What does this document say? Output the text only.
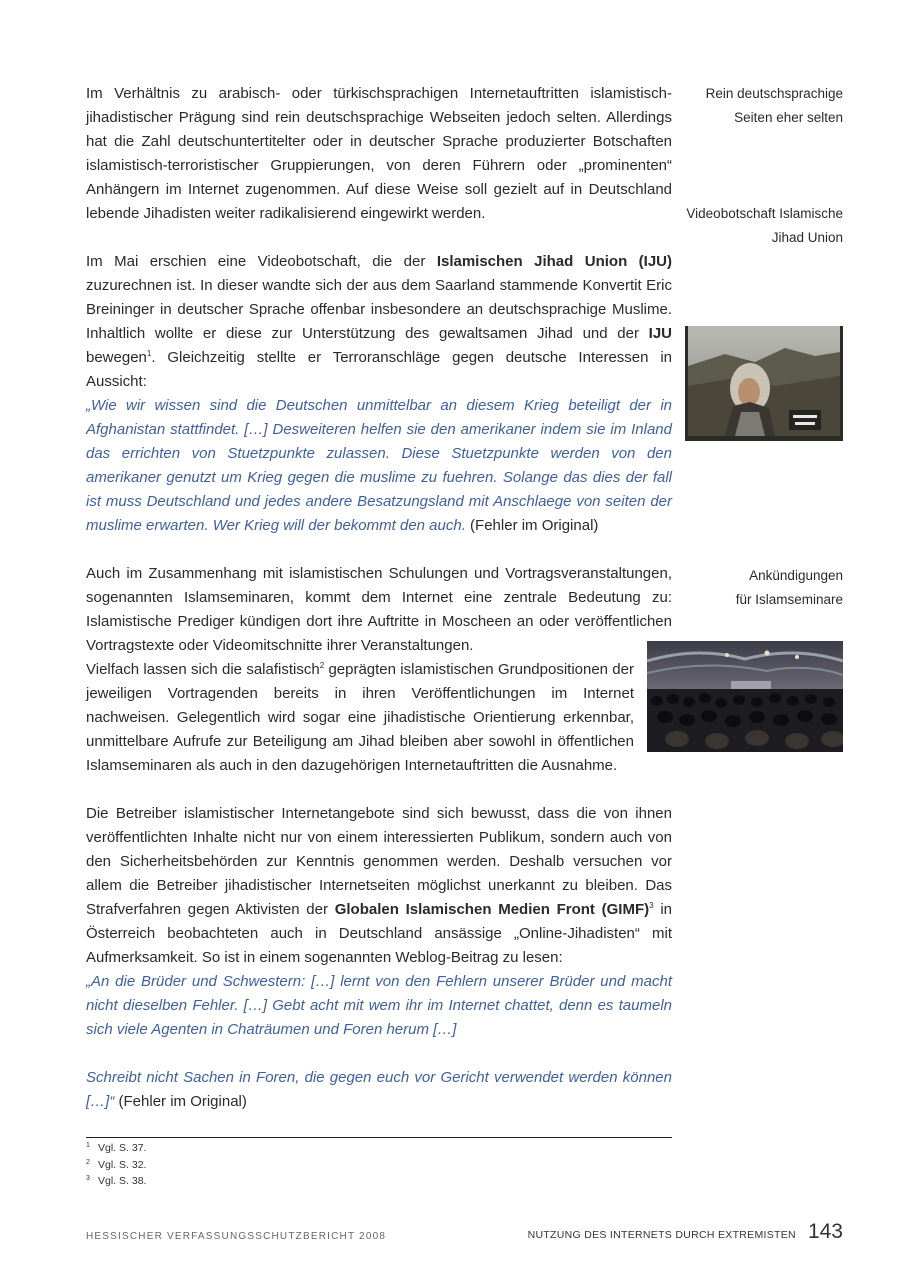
Im Verhältnis zu arabisch- oder türkischsprachigen Internetauftritten islamistisch-jihadistischer Prägung sind rein deutschsprachige Webseiten jedoch selten. Allerdings hat die Zahl deutschuntertitelter oder in deutscher Sprache produzierter Botschaften islamistisch-terroristischer Gruppierungen, von deren Führern oder „prominenten“ Anhängern im Internet zugenommen. Auf diese Weise soll gezielt auf in Deutschland lebende Jihadisten weiter radikalisierend eingewirkt werden.

Im Mai erschien eine Videobotschaft, die der Islamischen Jihad Union (IJU) zuzurechnen ist. In dieser wandte sich der aus dem Saarland stammende Konvertit Eric Breininger in deutscher Sprache offenbar insbesondere an deutschsprachige Muslime. Inhaltlich wollte er diese zur Unterstützung des gewaltsamen Jihad und der IJU bewegen$^1$. Gleichzeitig stellte er Terroranschläge gegen deutsche Interessen in Aussicht:

„Wie wir wissen sind die Deutschen unmittelbar an diesem Krieg beteiligt der in Afghanistan stattfindet. […] Desweiteren helfen sie den amerikaner indem sie im Inland das errichten von Stuetzpunkte zulassen. Diese Stuetzpunkte werden von den amerikaner genutzt um Krieg gegen die muslime zu fuehren. Solange das dies der fall ist muss Deutschland und jedes andere Besatzungsland mit Anschlaege von seiten der muslime erwarten. Wer Krieg will der bekommt den auch. (Fehler im Original)

Auch im Zusammenhang mit islamistischen Schulungen und Vortragsveranstaltungen, sogenannten Islamseminaren, kommt dem Internet eine zentrale Bedeutung zu: Islamistische Prediger kündigen dort ihre Auftritte in Moscheen an oder veröffentlichen Vortragstexte oder Videomitschnitte ihrer Veranstaltungen.

Vielfach lassen sich die salafistisch$^2$ geprägten islamistischen Grundpositionen der jeweiligen Vortragenden bereits in ihren Veröffentlichungen im Internet nachweisen. Gelegentlich wird sogar eine jihadistische Orientierung erkennbar, unmittelbare Aufrufe zur Beteiligung am Jihad bleiben aber sowohl in öffentlichen Islamseminaren als auch in den dazugehörigen Internetauftritten die Ausnahme.

Die Betreiber islamistischer Internetangebote sind sich bewusst, dass die von ihnen veröffentlichten Inhalte nicht nur von einem interessierten Publikum, sondern auch von den Sicherheitsbehörden zur Kenntnis genommen werden. Deshalb versuchen vor allem die Betreiber jihadistischer Internetseiten möglichst unerkannt zu bleiben. Das Strafverfahren gegen Aktivisten der Globalen Islamischen Medien Front (GIMF)$^3$ in Österreich beobachteten auch in Deutschland ansässige „Online-Jihadisten“ mit Aufmerksamkeit. So ist in einem sogenannten Weblog-Beitrag zu lesen:

„An die Brüder und Schwestern: […] lernt von den Fehlern unserer Brüder und macht nicht dieselben Fehler. […] Gebt acht mit wem ihr im Internet chattet, denn es taumeln sich viele Agenten in Chaträumen und Foren herum […]

Schreibt nicht Sachen in Foren, die gegen euch vor Gericht verwendet werden können […]“ (Fehler im Original)

Rein deutschsprachige
Seiten eher selten
Videobotschaft Islamische
Jihad Union
Ankündigungen
für Islamseminare
1 Vgl. S. 37.
2 Vgl. S. 32.
3 Vgl. S. 38.
HESSISCHER VERFASSUNGSSCHUTZBERICHT 2008	NUTZUNG DES INTERNETS DURCH EXTREMISTEN 143
